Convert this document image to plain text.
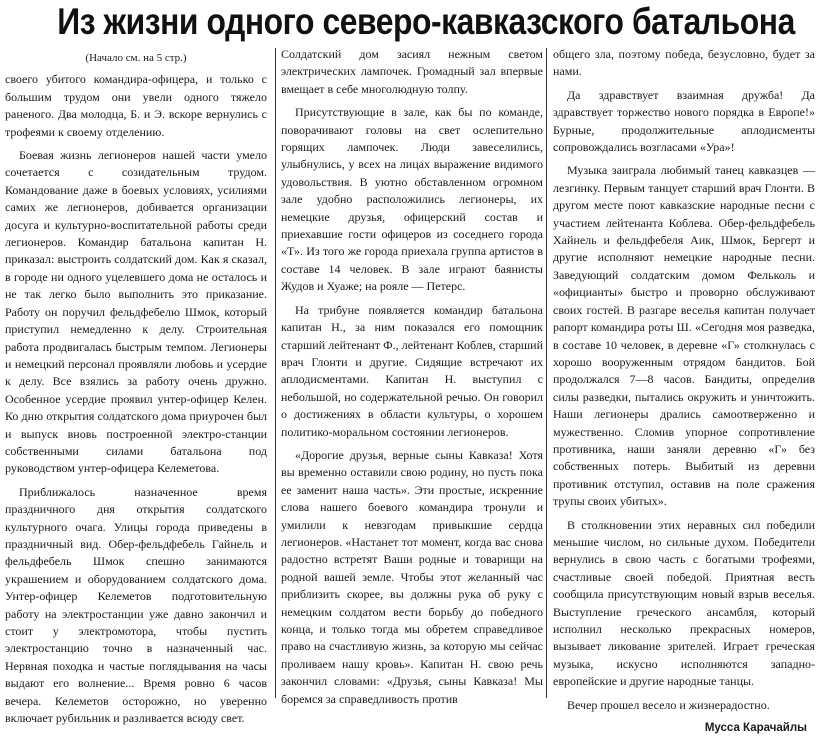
Из жизни одного северо-кавказского батальона

(Начало см. на 5 стр.)

своего убитого командира-офицера, и только с большим трудом они увели одного тяжело раненого. Два молодца, Б. и Э. вскоре вернулись с трофеями к своему отделению.

Боевая жизнь легионеров нашей части умело сочетается с созидательным трудом. Командование даже в боевых условиях, усилиями самих же легионеров, добивается организации досуга и культурно-воспитательной работы среди легионеров. Командир батальона капитан Н. приказал: выстроить солдатский дом. Как я сказал, в городе ни одного уцелевшего дома не осталось и не так легко было выполнить это приказание. Работу он поручил фельдфебелю Шмок, который приступил немедленно к делу. Строительная работа продвигалась быстрым темпом. Легионеры и немецкий персонал проявляли любовь и усердие к делу. Все взялись за работу очень дружно. Особенное усердие проявил унтер-офицер Келен. Ко дню открытия солдатского дома приурочен был и выпуск вновь построенной электро-станции собственными силами батальона под руководством унтер-офицера Келеметова.

Приближалось назначенное время праздничного дня открытия солдатского культурного очага. Улицы города приведены в праздничный вид. Обер-фельдфебель Гайнель и фельдфебель Шмок спешно занимаются украшением и оборудованием солдатского дома. Унтер-офицер Келеметов подготовительную работу на электростанции уже давно закончил и стоит у электромотора, чтобы пустить электростанцию точно в назначенный час. Нервная походка и частые поглядывания на часы выдают его волнение... Время ровно 6 часов вечера. Келеметов осторожно, но уверенно включает рубильник и разливается всюду свет.

Солдатский дом засиял нежным светом электрических лампочек. Громадный зал впервые вмещает в себе многолюдную толпу.

Присутствующие в зале, как бы по команде, поворачивают головы на свет ослепительно горящих лампочек. Люди завеселились, улыбнулись, у всех на лицах выражение видимого удовольствия. В уютно обставленном огромном зале удобно расположились легионеры, их немецкие друзья, офицерский состав и приехавшие гости офицеров из соседнего города «Т». Из того же города приехала группа артистов в составе 14 человек. В зале играют баянисты Жудов и Хуаже; на рояле — Петерс.

На трибуне появляется командир батальона капитан Н., за ним показался его помощник старший лейтенант Ф., лейтенант Коблев, старший врач Глонти и другие. Сидящие встречают их аплодисментами. Капитан Н. выступил с небольшой, но содержательной речью. Он говорил о достижениях в области культуры, о хорошем политико-моральном состоянии легионеров.

«Дорогие друзья, верные сыны Кавказа! Хотя вы временно оставили свою родину, но пусть пока ее заменит наша часть». Эти простые, искренние слова нашего боевого командира тронули и умилили к невзгодам привыкшие сердца легионеров. «Настанет тот момент, когда вас снова радостно встретят Ваши родные и товарищи на родной вашей земле. Чтобы этот желанный час приблизить скорее, вы должны рука об руку с немецким солдатом вести борьбу до победного конца, и только тогда мы обретем справедливое право на счастливую жизнь, за которую мы сейчас проливаем нашу кровь». Капитан Н. свою речь закончил словами: «Друзья, сыны Кавказа! Мы боремся за справедливость против

общего зла, поэтому победа, безусловно, будет за нами.

Да здравствует взаимная дружба! Да здравствует торжество нового порядка в Европе!» Бурные, продолжительные аплодисменты сопровождались возгласами «Ура»!

Музыка заиграла любимый танец кавказцев — лезгинку. Первым танцует старший врач Глонти. В другом месте поют кавказские народные песни с участием лейтенанта Коблева. Обер-фельдфебель Хайнель и фельдфебеля Аик, Шмок, Бергерт и другие исполняют немецкие народные песни. Заведующий солдатским домом Фельколь и «официанты» быстро и проворно обслуживают своих гостей. В разгаре веселья капитан получает рапорт командира роты Ш. «Сегодня моя разведка, в составе 10 человек, в деревне «Г» столкнулась с хорошо вооруженным отрядом бандитов. Бой продолжался 7—8 часов. Бандиты, определив силы разведки, пытались окружить и уничтожить. Наши легионеры дрались самоотверженно и мужественно. Сломив упорное сопротивление противника, наши заняли деревню «Г» без собственных потерь. Выбитый из деревни противник отступил, оставив на поле сражения трупы своих убитых».

В столкновении этих неравных сил победили меньшие числом, но сильные духом. Победители вернулись в свою часть с богатыми трофеями, счастливые своей победой. Приятная весть сообщила присутствующим новый взрыв веселья. Выступление греческого ансамбля, который исполнил несколько прекрасных номеров, вызывает ликование зрителей. Играет греческая музыка, искусно исполняются западно-европейские и другие народные танцы.

Вечер прошел весело и жизнерадостно.

Мусса Карачайлы
